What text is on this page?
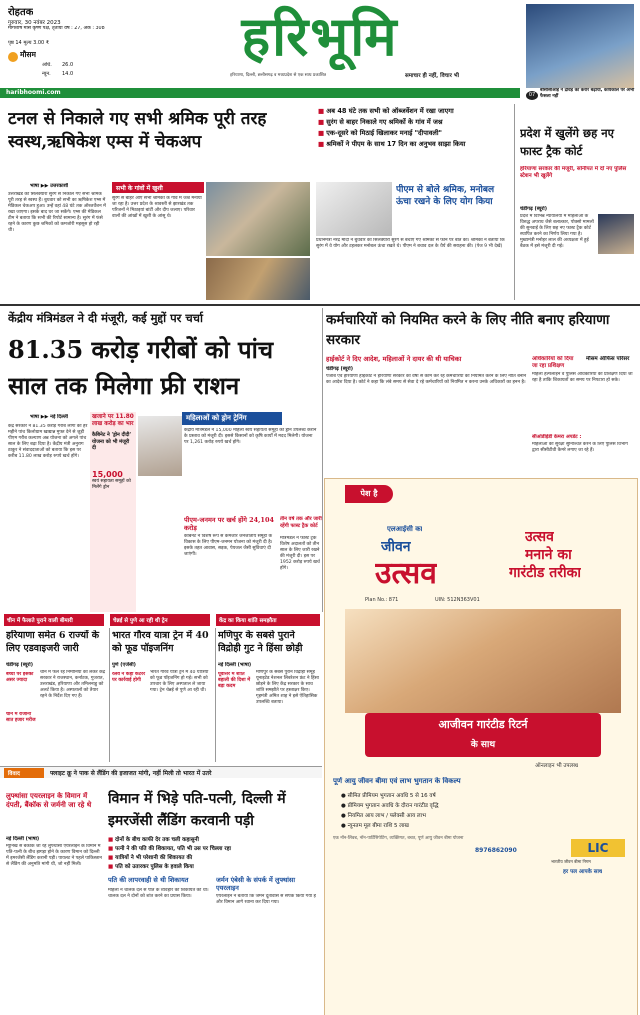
रोहतक
गुरुवार, 30 नवंबर 2023
मार्गशीर्ष मास कृष्ण पक्ष, तृतीया वर्ष : 27, अंक : 308
पृष्ठ 14 मूल्य 3.00 ₹
मौसम
अधि. 26.0
न्यून. 14.0
हरिभूमि
हरियाणा, दिल्ली, छत्तीसगढ़ व मध्यप्रदेश से एक साथ प्रकाशित	समाचार ही नहीं, विचार भी
07
बीसीसीआई ने द्रविड़ का करार बढ़ाया, कार्यकाल पर अभी फैसला नहीं
haribhoomi.com
टनल से निकाले गए सभी श्रमिक पूरी तरह स्वस्थ,ऋषिकेश एम्स में चेकअप
■ अब 48 घंटे तक सभी को ऑब्जर्वेशन में रखा जाएगा
■ सुरंग से बाहर निकाले गए श्रमिकों के गांव में जश्न
■ एक-दूसरे को मिठाई खिलाकर मनाई "दीपावली"
■ श्रमिकों ने पीएम के साथ 17 दिन का अनुभव साझा किया
भाषा ▶▶ उत्तरकाशी
उत्तराखंड की सिलक्यारा सुरंग से निकाले गए सभी श्रमिक पूरी तरह से स्वस्थ हैं। बुधवार को सभी का ऋषिकेश एम्स में मेडिकल चेकअप हुआ। उन्हें वहां 48 घंटे तक ऑब्जर्वेशन में रखा जाएगा। इसके बाद घर जा सकेंगे। एम्स की मेडिकल टीम ने बताया कि सभी की रिपोर्ट सामान्य है। सुरंग में फंसे रहने के कारण कुछ श्रमिकों को कमजोरी महसूस हो रही थी।
सभी के गांवों में खुशी
सुरंग से बाहर आए सभी श्रमिकों के गांव में जश्न मनाया जा रहा है। उत्तर प्रदेश के श्रावस्ती से झारखंड तक परिजनों ने मिठाइयां बांटीं और दीप जलाए। परिवार वालों की आंखों में खुशी के आंसू थे।
पीएम से बोले श्रमिक, मनोबल ऊंचा रखने के लिए योग किया
प्रधानमंत्री नरेंद्र मोदी ने बुधवार को सिलक्यारा सुरंग से बचाए गए श्रमिकों से फोन पर बात की। श्रमिकों ने बताया कि सुरंग में वे योग और टहलकर मनोबल ऊंचा रखते थे। पीएम ने बचाव दल के धैर्य की सराहना की। (पेज 9 भी देखें)
प्रदेश में खुलेंगे छह नए फास्ट ट्रैक कोर्ट
हरियाणा सरकार की मंजूरी, सोनीपत में दो नए पुलिस स्टेशन भी खुलेंगे
चंडीगढ़ (ब्यूरो)
प्रदेश में विभिन्न न्यायालयों में महिलाओं के विरुद्ध अपराध जैसे बलात्कार, पोक्सो मामलों की सुनवाई के लिए छह नए फास्ट ट्रैक कोर्ट स्थापित करने का निर्णय लिया गया है। मुख्यमंत्री मनोहर लाल की अध्यक्षता में हुई बैठक में इसे मंजूरी दी गई।
केंद्रीय मंत्रिमंडल ने दी मंजूरी, कई मुद्दों पर चर्चा
81.35 करोड़ गरीबों को पांच साल तक मिलेगा फ्री राशन
भाषा ▶▶ नई दिल्ली
केंद्र सरकार ने 81.35 करोड़ गरीब लोगों को हर महीने पांच किलोग्राम खाद्यान्न मुफ्त देने से जुड़ी पीएम गरीब कल्याण अन्न योजना को अगले पांच साल के लिए बढ़ा दिया है। केंद्रीय मंत्री अनुराग ठाकुर ने संवाददाताओं को बताया कि इस पर करीब 11.80 लाख करोड़ रुपये खर्च होंगे।
खजाने पर 11.80 लाख करोड़ का भार
कैबिनेट ने 'ड्रोन दीदी' योजना को भी मंजूरी दी
15,000
स्वयं सहायता समूहों को मिलेंगे ड्रोन
महिलाओं को ड्रोन ट्रेनिंग
केंद्रीय मंत्रिमंडल ने 15,000 महिला स्वयं सहायता समूहों को ड्रोन उपलब्ध कराने के प्रस्ताव को मंजूरी दी। इससे किसानों को कृषि कार्यों में मदद मिलेगी। योजना पर 1,261 करोड़ रुपये खर्च होंगे।
पीएम-जनमन पर खर्च होंगे 24,104 करोड़
कैबिनेट ने विशेष रूप से कमजोर जनजातीय समूहों के विकास के लिए पीएम-जनमन योजना को मंजूरी दी है। इसके तहत आवास, सड़क, पेयजल जैसी सुविधाएं दी जाएंगी।
तीन वर्ष तक और जारी रहेंगी फास्ट ट्रैक कोर्ट
मंत्रिमंडल ने फास्ट ट्रैक विशेष अदालतों को तीन साल के लिए जारी रखने की मंजूरी दी। इस पर 1952 करोड़ रुपये खर्च होंगे।
कर्मचारियों को नियमित करने के लिए नीति बनाए हरियाणा सरकार
हाईकोर्ट ने दिए आदेश, महिलाओं ने दायर की थी याचिका
चंडीगढ़ (ब्यूरो)
पंजाब एवं हरियाणा हाईकोर्ट ने हरियाणा सरकार को वर्षों से काम कर रहे कर्मचारियों को नियमित करने के लिए नीति बनाने का आदेश दिया है। कोर्ट ने कहा कि लंबे समय से सेवा दे रहे कर्मचारियों को नियमित न करना उनके अधिकारों का हनन है।
अधिकारियों को दिया जा रहा प्रशिक्षण
मौसम ऑफिस परिसर
महिला हेल्पलाइन व पुलिस अधिकारियों को प्रशिक्षण दिया जा रहा है ताकि शिकायतों का समय पर निपटारा हो सके।
सीओडीईडी केमरा अपडेट :
महिलाओं को सुरक्षा सुनिश्चित करने के लिए पुलिस विभाग द्वारा सीसीटीवी कैमरे लगाए जा रहे हैं।
पेश है
एलआईसी का
जीवन
उत्सव
Plan No.: 871	UIN: 512N363V01
उत्सव
मनाने का
गारंटीड तरीका
आजीवन गारंटीड रिटर्न
के साथ
ऑनलाइन भी उपलब्ध
पूर्ण आयु जीवन बीमा एवं लाभ भुगतान के विकल्प
● सीमित प्रीमियम भुगतान अवधि 5 से 16 वर्ष
● प्रीमियम भुगतान अवधि के दौरान गारंटीड वृद्धि
● नियमित आय लाभ / फ्लेक्सी आय लाभ
● न्यूनतम मूल बीमा राशि 5 लाख
एक नॉन-लिंक्ड, नॉन-पार्टिसिपेटिंग, व्यक्तिगत, बचत, पूर्ण आयु जीवन बीमा योजना
8976862090	LIC
भारतीय जीवन बीमा निगम
हर पल आपके साथ
चीन में फैलाते पुराने वाली बीमारी	चेन्नई से पुणे आ रही थी ट्रेन	केंद्र का किया शांति समझौता
हरियाणा समेत 6 राज्यों के लिए एडवाइजरी जारी
चंडीगढ़ (ब्यूरो)
चीन में फैल रहे निमोनिया को लेकर केंद्र सरकार ने राजस्थान, कर्नाटक, गुजरात, उत्तराखंड, हरियाणा और तमिलनाडु को अलर्ट किया है। अस्पतालों को तैयार रहने के निर्देश दिए गए हैं।
बच्चों पर इसका असर ज्यादा
चीन में रोजाना सात हजार मरीज
भारत गौरव यात्रा ट्रेन में 40 को फूड पॉइजनिंग
पुणे (एजेंसी)
भारत गौरव यात्रा ट्रेन में 40 यात्रियों को फूड पॉइजनिंग हो गई। सभी को उपचार के लिए अस्पताल ले जाया गया। ट्रेन चेन्नई से पुणे आ रही थी।
रेलवे ने कहा कैटरर पर कार्रवाई होगी
मणिपुर के सबसे पुराने विद्रोही गुट ने हिंसा छोड़ी
नई दिल्ली (भाषा)
मणिपुर के सबसे पुराने विद्रोही समूह यूनाइटेड नेशनल लिबरेशन फ्रंट ने हिंसा छोड़ने के लिए केंद्र सरकार के साथ शांति समझौते पर हस्ताक्षर किए। गृहमंत्री अमित शाह ने इसे ऐतिहासिक उपलब्धि बताया।
पूर्वोत्तर में शांति बहाली की दिशा में बड़ा कदम
विवाद	फ्लाइट क्रू ने पाक से लैंडिंग की इजाजत मांगी, नहीं मिली तो भारत में उतरे
लुफ्थांसा एयरलाइन के विमान में दंपती, बैंकॉक से जर्मनी जा रहे थे	विमान में भिड़े पति-पत्नी, दिल्ली में इमरजेंसी लैंडिंग करवानी पड़ी
नई दिल्ली (भाषा)
म्यूनिख से बैंकॉक जा रहे लुफ्थांसा एयरलाइन के विमान में पति-पत्नी के बीच झगड़ा होने के कारण विमान को दिल्ली में इमरजेंसी लैंडिंग करानी पड़ी। पायलट ने पहले पाकिस्तान से लैंडिंग की अनुमति मांगी थी, जो नहीं मिली।
■ दोनों के बीच काफी देर तक चली कहासुनी
■ पत्नी ने की पति की शिकायत, पति भी उस पर चिल्ला रहा
■ यात्रियों ने भी परेशानी की शिकायत की
■ पति को उतारकर पुलिस के हवाले किया
पति की लापरवाही से थी शिकायत
महिला ने चालक दल से पति के व्यवहार की शिकायत की थी। चालक दल ने दोनों को शांत करने का प्रयास किया।
जर्मन एंबेसी के संपर्क में लुफ्थांसा एयरलाइन
एयरलाइन ने बताया कि जर्मन दूतावास से संपर्क किया गया है और विमान आगे रवाना कर दिया गया।
